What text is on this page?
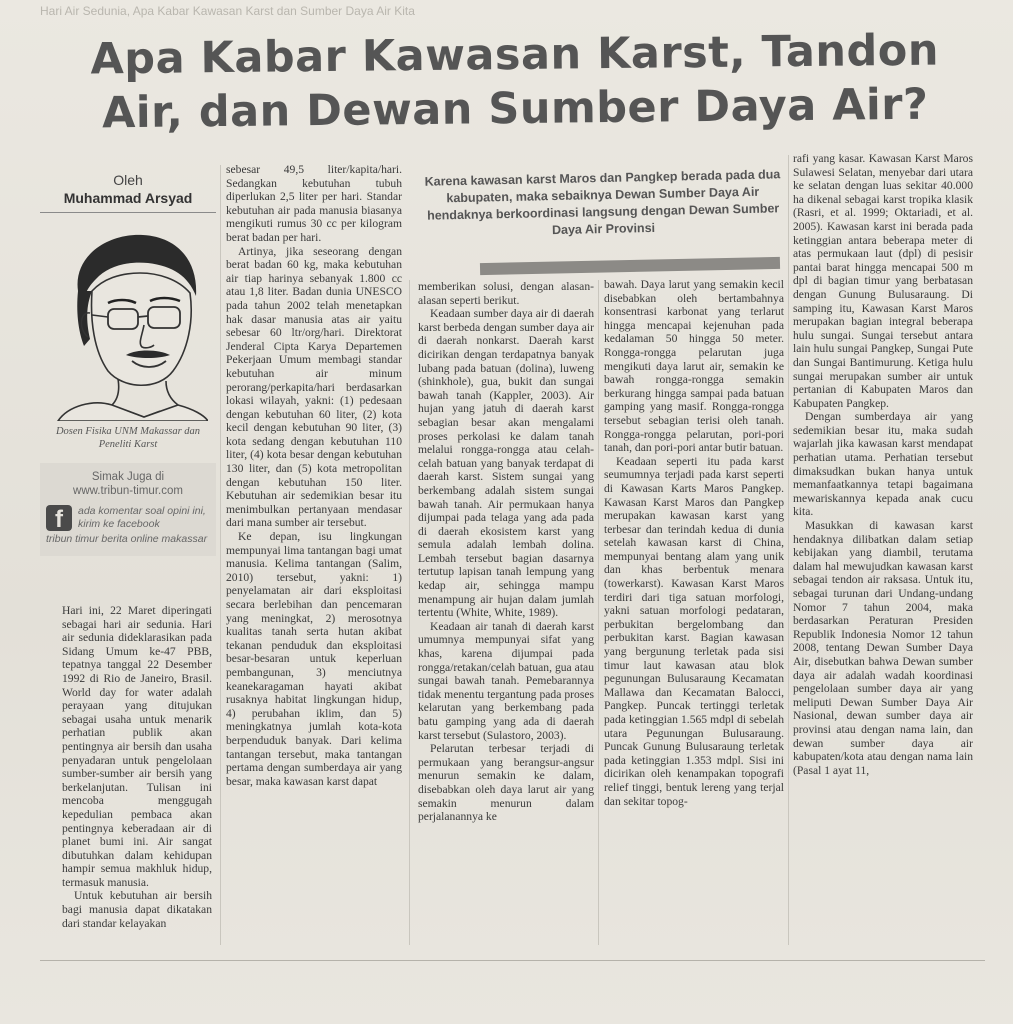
Hari Air Sedunia, Apa Kabar Kawasan Karst dan Sumber Daya Air Kita
Apa Kabar Kawasan Karst, Tandon
Air, dan Dewan Sumber Daya Air?
Oleh
Muhammad Arsyad
Dosen Fisika UNM Makassar dan Peneliti Karst
Simak Juga di
www.tribun-timur.com
f	ada komentar soal opini ini, kirim ke facebook
tribun timur berita online makassar

Hari ini, 22 Maret diperingati sebagai hari air sedunia. Hari air sedunia dideklarasikan pada Sidang Umum ke-47 PBB, tepatnya tanggal 22 Desember 1992 di Rio de Janeiro, Brasil. World day for water adalah perayaan yang ditujukan sebagai usaha untuk menarik perhatian publik akan pentingnya air bersih dan usaha penyadaran untuk pengelolaan sumber-sumber air bersih yang berkelanjutan. Tulisan ini mencoba menggugah kepedulian pembaca akan pentingnya keberadaan air di planet bumi ini. Air sangat dibutuhkan dalam kehidupan hampir semua makhluk hidup, termasuk manusia.

Untuk kebutuhan air bersih bagi manusia dapat dikatakan dari standar kelayakan

sebesar 49,5 liter/kapita/hari. Sedangkan kebutuhan tubuh diperlukan 2,5 liter per hari. Standar kebutuhan air pada manusia biasanya mengikuti rumus 30 cc per kilogram berat badan per hari.

Artinya, jika seseorang dengan berat badan 60 kg, maka kebutuhan air tiap harinya sebanyak 1.800 cc atau 1,8 liter. Badan dunia UNESCO pada tahun 2002 telah menetapkan hak dasar manusia atas air yaitu sebesar 60 ltr/org/hari. Direktorat Jenderal Cipta Karya Departemen Pekerjaan Umum membagi standar kebutuhan air minum perorang/perkapita/hari berdasarkan lokasi wilayah, yakni: (1) pedesaan dengan kebutuhan 60 liter, (2) kota kecil dengan kebutuhan 90 liter, (3) kota sedang dengan kebutuhan 110 liter, (4) kota besar dengan kebutuhan 130 liter, dan (5) kota metropolitan dengan kebutuhan 150 liter. Kebutuhan air sedemikian besar itu menimbulkan pertanyaan mendasar dari mana sumber air tersebut.

Ke depan, isu lingkungan mempunyai lima tantangan bagi umat manusia. Kelima tantangan (Salim, 2010) tersebut, yakni: 1) penyelamatan air dari eksploitasi secara berlebihan dan pencemaran yang meningkat, 2) merosotnya kualitas tanah serta hutan akibat tekanan penduduk dan eksploitasi besar-besaran untuk keperluan pembangunan, 3) menciutnya keanekaragaman hayati akibat rusaknya habitat lingkungan hidup, 4) perubahan iklim, dan 5) meningkatnya jumlah kota-kota berpenduduk banyak. Dari kelima tantangan tersebut, maka tantangan pertama dengan sumberdaya air yang besar, maka kawasan karst dapat

Karena kawasan karst Maros dan Pangkep berada pada dua kabupaten, maka sebaiknya Dewan Sumber Daya Air hendaknya berkoordinasi langsung dengan Dewan Sumber Daya Air Provinsi

memberikan solusi, dengan alasan-alasan seperti berikut.

Keadaan sumber daya air di daerah karst berbeda dengan sumber daya air di daerah nonkarst. Daerah karst dicirikan dengan terdapatnya banyak lubang pada batuan (dolina), luweng (shinkhole), gua, bukit dan sungai bawah tanah (Kappler, 2003). Air hujan yang jatuh di daerah karst sebagian besar akan mengalami proses perkolasi ke dalam tanah melalui rongga-rongga atau celah-celah batuan yang banyak terdapat di daerah karst. Sistem sungai yang berkembang adalah sistem sungai bawah tanah. Air permukaan hanya dijumpai pada telaga yang ada pada di daerah ekosistem karst yang semula adalah lembah dolina. Lembah tersebut bagian dasarnya tertutup lapisan tanah lempung yang kedap air, sehingga mampu menampung air hujan dalam jumlah tertentu (White, White, 1989).

Keadaan air tanah di daerah karst umumnya mempunyai sifat yang khas, karena dijumpai pada rongga/retakan/celah batuan, gua atau sungai bawah tanah. Pemebarannya tidak menentu tergantung pada proses kelarutan yang berkembang pada batu gamping yang ada di daerah karst tersebut (Sulastoro, 2003).

Pelarutan terbesar terjadi di permukaan yang berangsur-angsur menurun semakin ke dalam, disebabkan oleh daya larut air yang semakin menurun dalam perjalanannya ke

bawah. Daya larut yang semakin kecil disebabkan oleh bertambahnya konsentrasi karbonat yang terlarut hingga mencapai kejenuhan pada kedalaman 50 hingga 50 meter. Rongga-rongga pelarutan juga mengikuti daya larut air, semakin ke bawah rongga-rongga semakin berkurang hingga sampai pada batuan gamping yang masif. Rongga-rongga tersebut sebagian terisi oleh tanah. Rongga-rongga pelarutan, pori-pori tanah, dan pori-pori antar butir batuan.

Keadaan seperti itu pada karst seumumnya terjadi pada karst seperti di Kawasan Karts Maros Pangkep. Kawasan Karst Maros dan Pangkep merupakan kawasan karst yang terbesar dan terindah kedua di dunia setelah kawasan karst di China, mempunyai bentang alam yang unik dan khas berbentuk menara (towerkarst). Kawasan Karst Maros terdiri dari tiga satuan morfologi, yakni satuan morfologi pedataran, perbukitan bergelombang dan perbukitan karst. Bagian kawasan yang bergunung terletak pada sisi timur laut kawasan atau blok pegunungan Bulusaraung Kecamatan Mallawa dan Kecamatan Balocci, Pangkep. Puncak tertinggi terletak pada ketinggian 1.565 mdpl di sebelah utara Pegunungan Bulusaraung. Puncak Gunung Bulusaraung terletak pada ketinggian 1.353 mdpl. Sisi ini dicirikan oleh kenampakan topografi relief tinggi, bentuk lereng yang terjal dan sekitar topog-

rafi yang kasar. Kawasan Karst Maros Sulawesi Selatan, menyebar dari utara ke selatan dengan luas sekitar 40.000 ha dikenal sebagai karst tropika klasik (Rasri, et al. 1999; Oktariadi, et al. 2005). Kawasan karst ini berada pada ketinggian antara beberapa meter di atas permukaan laut (dpl) di pesisir pantai barat hingga mencapai 500 m dpl di bagian timur yang berbatasan dengan Gunung Bulusaraung. Di samping itu, Kawasan Karst Maros merupakan bagian integral beberapa hulu sungai. Sungai tersebut antara lain hulu sungai Pangkep, Sungai Pute dan Sungai Bantimurung. Ketiga hulu sungai merupakan sumber air untuk pertanian di Kabupaten Maros dan Kabupaten Pangkep.

Dengan sumberdaya air yang sedemikian besar itu, maka sudah wajarlah jika kawasan karst mendapat perhatian utama. Perhatian tersebut dimaksudkan bukan hanya untuk memanfaatkannya tetapi bagaimana mewariskannya kepada anak cucu kita.

Masukkan di kawasan karst hendaknya dilibatkan dalam setiap kebijakan yang diambil, terutama dalam hal mewujudkan kawasan karst sebagai tendon air raksasa. Untuk itu, sebagai turunan dari Undang-undang Nomor 7 tahun 2004, maka berdasarkan Peraturan Presiden Republik Indonesia Nomor 12 tahun 2008, tentang Dewan Sumber Daya Air, disebutkan bahwa Dewan sumber daya air adalah wadah koordinasi pengelolaan sumber daya air yang meliputi Dewan Sumber Daya Air Nasional, dewan sumber daya air provinsi atau dengan nama lain, dan dewan sumber daya air kabupaten/kota atau dengan nama lain (Pasal 1 ayat 11,
